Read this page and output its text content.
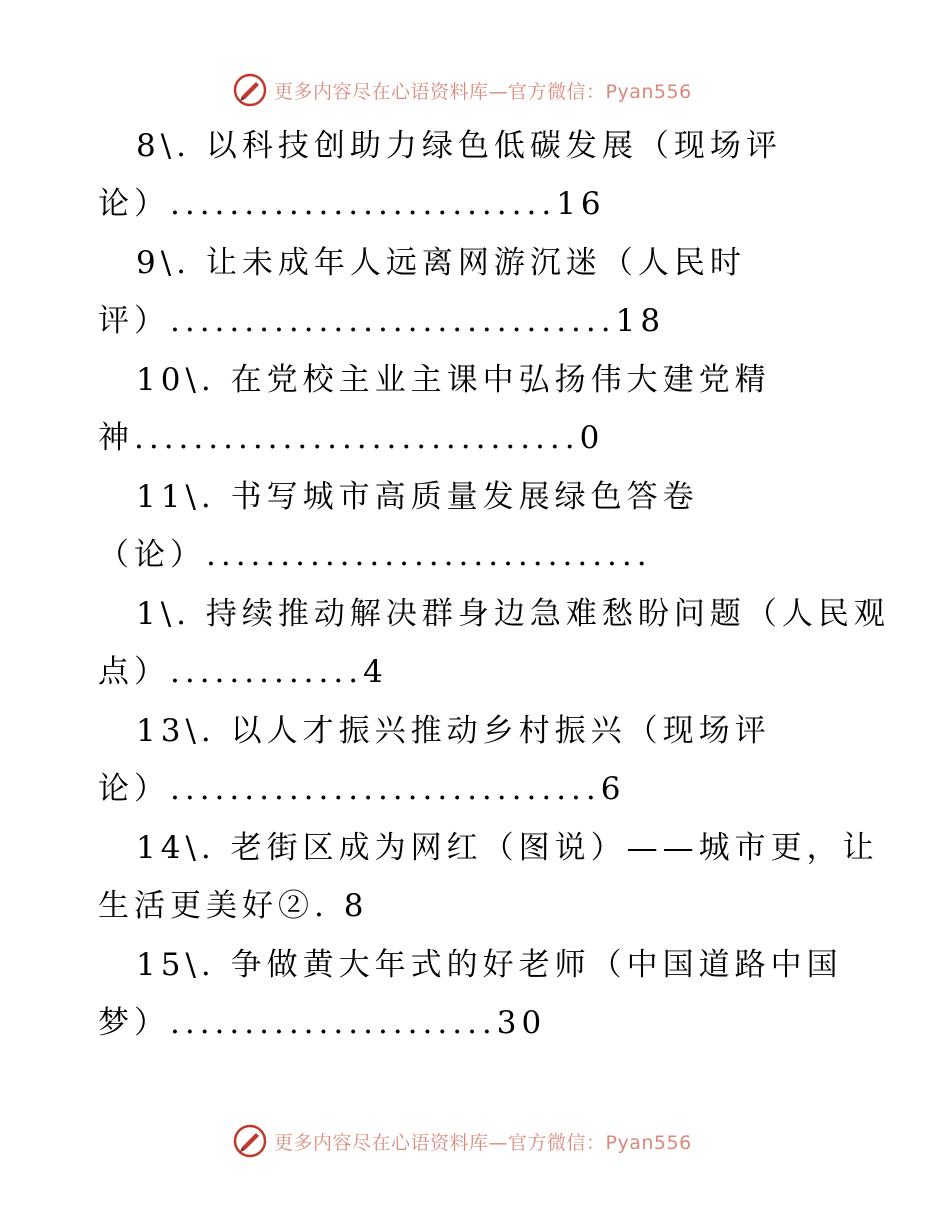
更多内容尽在心语资料库—官方微信：Pyan556
8\. 以科技创助力绿色低碳发展（现场评
论）..........................16
9\. 让未成年人远离网游沉迷（人民时
评）..............................18
10\. 在党校主业主课中弘扬伟大建党精
神..............................0
11\. 书写城市高质量发展绿色答卷
（论）..............................
1\. 持续推动解决群身边急难愁盼问题（人民观
点）.............4
13\. 以人才振兴推动乡村振兴（现场评
论）.............................6
14\. 老街区成为网红（图说）——城市更，让
生活更美好②. 8
15\. 争做黄大年式的好老师（中国道路中国
梦）......................30
更多内容尽在心语资料库—官方微信：Pyan556
